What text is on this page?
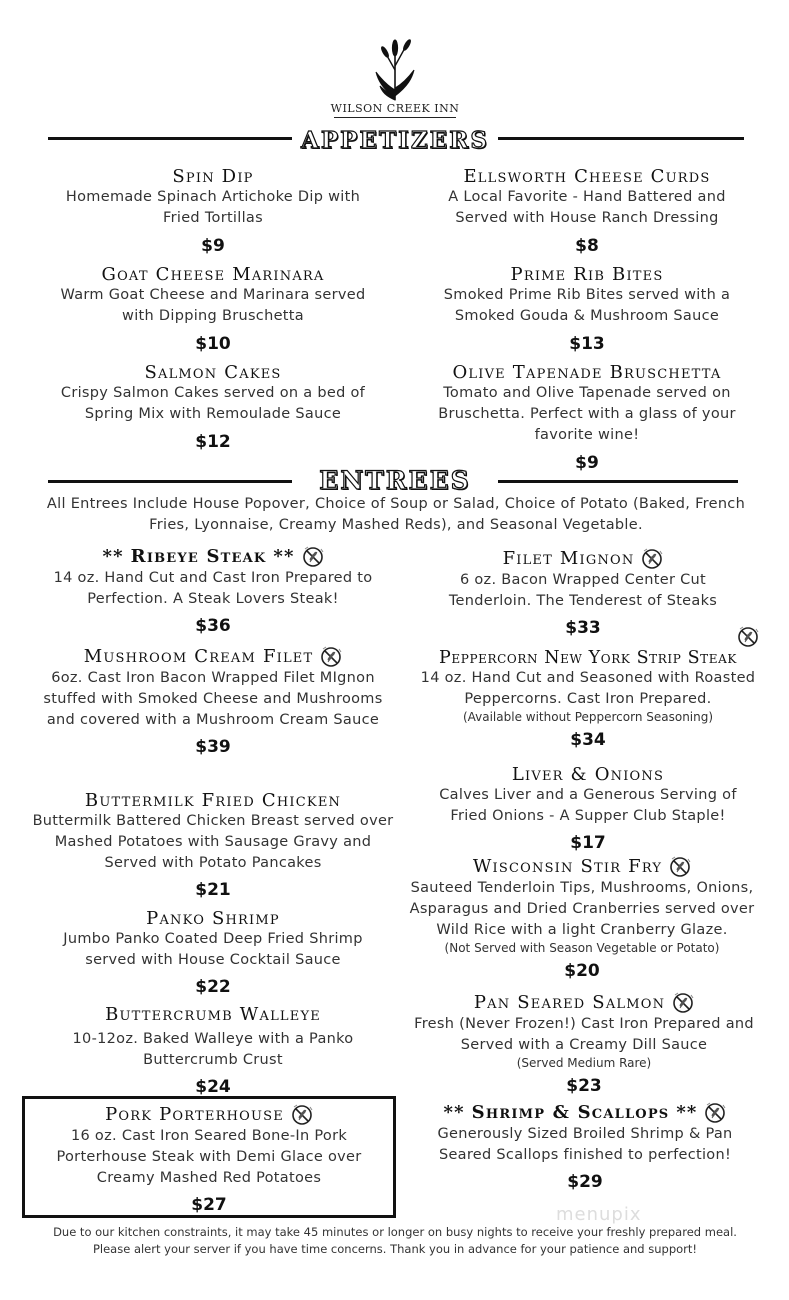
WILSON CREEK INN
APPETIZERS
Spin Dip
Homemade Spinach Artichoke Dip with Fried Tortillas
$9
Goat Cheese Marinara
Warm Goat Cheese and Marinara served with Dipping Bruschetta
$10
Salmon Cakes
Crispy Salmon Cakes served on a bed of Spring Mix with Remoulade Sauce
$12
Ellsworth Cheese Curds
A Local Favorite - Hand Battered and Served with House Ranch Dressing
$8
Prime Rib Bites
Smoked Prime Rib Bites served with a Smoked Gouda & Mushroom Sauce
$13
Olive Tapenade Bruschetta
Tomato and Olive Tapenade served on Bruschetta. Perfect with a glass of your favorite wine!
$9
ENTREES
All Entrees Include House Popover, Choice of Soup or Salad, Choice of Potato (Baked, French Fries, Lyonnaise, Creamy Mashed Reds), and Seasonal Vegetable.
** Ribeye Steak **
14 oz. Hand Cut and Cast Iron Prepared to Perfection. A Steak Lovers Steak!
$36
Mushroom Cream Filet
6oz. Cast Iron Bacon Wrapped Filet MIgnon stuffed with Smoked Cheese and Mushrooms and covered with a Mushroom Cream Sauce
$39
Buttermilk Fried Chicken
Buttermilk Battered Chicken Breast served over Mashed Potatoes with Sausage Gravy and Served with Potato Pancakes
$21
Panko Shrimp
Jumbo Panko Coated Deep Fried Shrimp served with House Cocktail Sauce
$22
Buttercrumb Walleye
10-12oz. Baked Walleye with a Panko Buttercrumb Crust
$24
Pork Porterhouse
16 oz. Cast Iron Seared Bone-In Pork Porterhouse Steak with Demi Glace over Creamy Mashed Red Potatoes
$27
Filet Mignon
6 oz. Bacon Wrapped Center Cut Tenderloin. The Tenderest of Steaks
$33
Peppercorn New York Strip Steak
14 oz. Hand Cut and Seasoned with Roasted Peppercorns. Cast Iron Prepared.
(Available without Peppercorn Seasoning)
$34
Liver & Onions
Calves Liver and a Generous Serving of Fried Onions - A Supper Club Staple!
$17
Wisconsin Stir Fry
Sauteed Tenderloin Tips, Mushrooms, Onions, Asparagus and Dried Cranberries served over Wild Rice with a light Cranberry Glaze.
(Not Served with Season Vegetable or Potato)
$20
Pan Seared Salmon
Fresh (Never Frozen!) Cast Iron Prepared and Served with a Creamy Dill Sauce
(Served Medium Rare)
$23
** Shrimp & Scallops **
Generously Sized Broiled Shrimp & Pan Seared Scallops finished to perfection!
$29
menupix
Due to our kitchen constraints, it may take 45 minutes or longer on busy nights to receive your freshly prepared meal.
Please alert your server if you have time concerns. Thank you in advance for your patience and support!
